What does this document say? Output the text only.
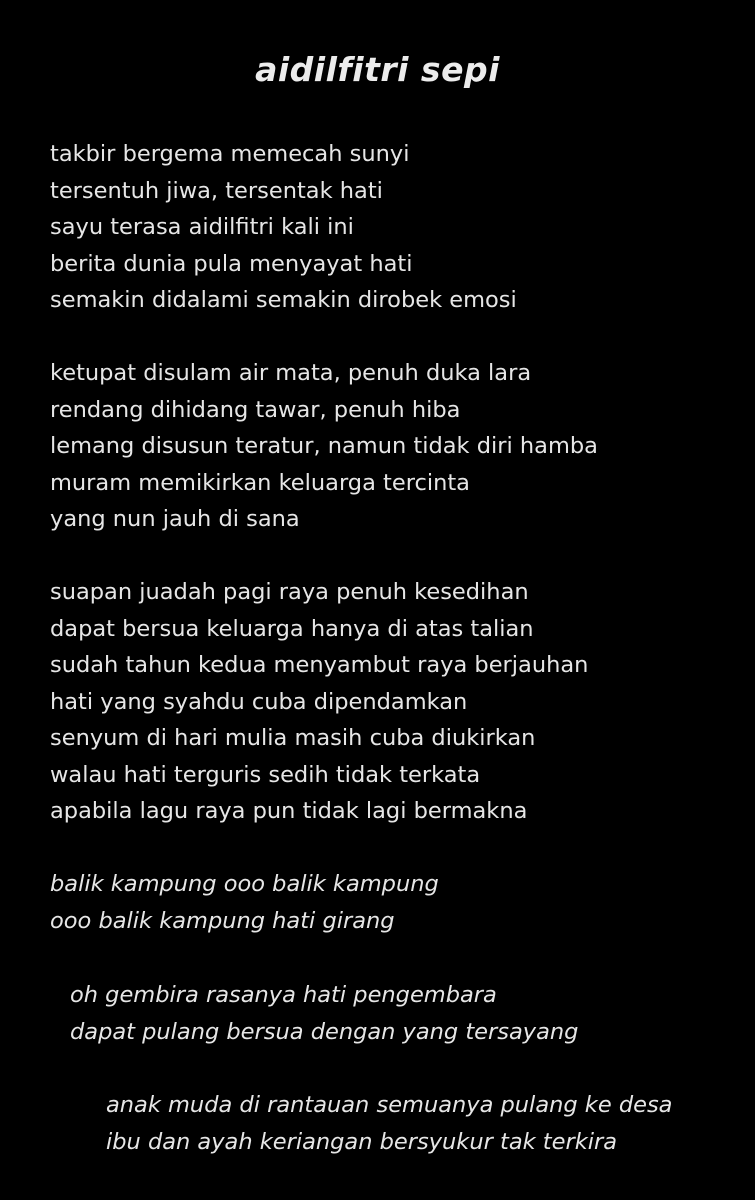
aidilfitri sepi
takbir bergema memecah sunyi
tersentuh jiwa, tersentak hati
sayu terasa aidilfitri kali ini
berita dunia pula menyayat hati
semakin didalami semakin dirobek emosi
ketupat disulam air mata, penuh duka lara
rendang dihidang tawar, penuh hiba
lemang disusun teratur, namun tidak diri hamba
muram memikirkan keluarga tercinta
yang nun jauh di sana
suapan juadah pagi raya penuh kesedihan
dapat bersua keluarga hanya di atas talian
sudah tahun kedua menyambut raya berjauhan
hati yang syahdu cuba dipendamkan
senyum di hari mulia masih cuba diukirkan
walau hati terguris sedih tidak terkata
apabila lagu raya pun tidak lagi bermakna
balik kampung ooo balik kampung
ooo balik kampung hati girang
oh gembira rasanya hati pengembara
dapat pulang bersua dengan yang tersayang
anak muda di rantauan semuanya pulang ke desa
ibu dan ayah keriangan bersyukur tak terkira
